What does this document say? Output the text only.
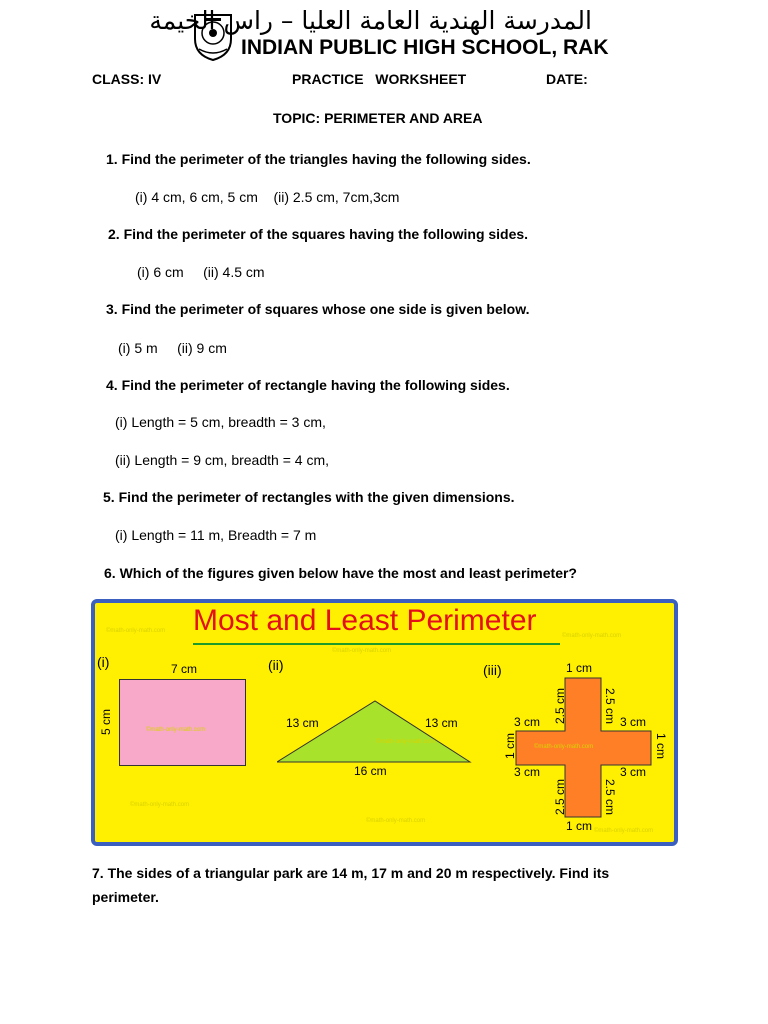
المدرسة الهندية العامة العليا – راس الخيمة
INDIAN PUBLIC HIGH SCHOOL, RAK
CLASS: IV	PRACTICE   WORKSHEET	DATE:
TOPIC: PERIMETER AND AREA
1. Find the perimeter of the triangles having the following sides.
(i) 4 cm, 6 cm, 5 cm    (ii) 2.5 cm, 7cm,3cm
2. Find the perimeter of the squares having the following sides.
(i) 6 cm     (ii) 4.5 cm
3. Find the perimeter of squares whose one side is given below.
(i) 5 m     (ii) 9 cm
4. Find the perimeter of rectangle having the following sides.
(i) Length = 5 cm, breadth = 3 cm,
(ii) Length = 9 cm, breadth = 4 cm,
5. Find the perimeter of rectangles with the given dimensions.
(i) Length = 11 m, Breadth = 7 m
6. Which of the figures given below have the most and least perimeter?
Most and Least Perimeter
©math-only-math.com
©math-only-math.com
©math-only-math.com
©math-only-math.com
©math-only-math.com
©math-only-math.com
(i)
©math-only-math.com
7 cm
5 cm
(ii)
©math-only-math.com
13 cm	13 cm
16 cm
(iii)
©math-only-math.com
1 cm
1 cm
1 cm	1 cm
2.5 cm	2.5 cm
2.5 cm	2.5 cm
3 cm	3 cm
3 cm	3 cm
7. The sides of a triangular park are 14 m, 17 m and 20 m respectively. Find its
perimeter.
